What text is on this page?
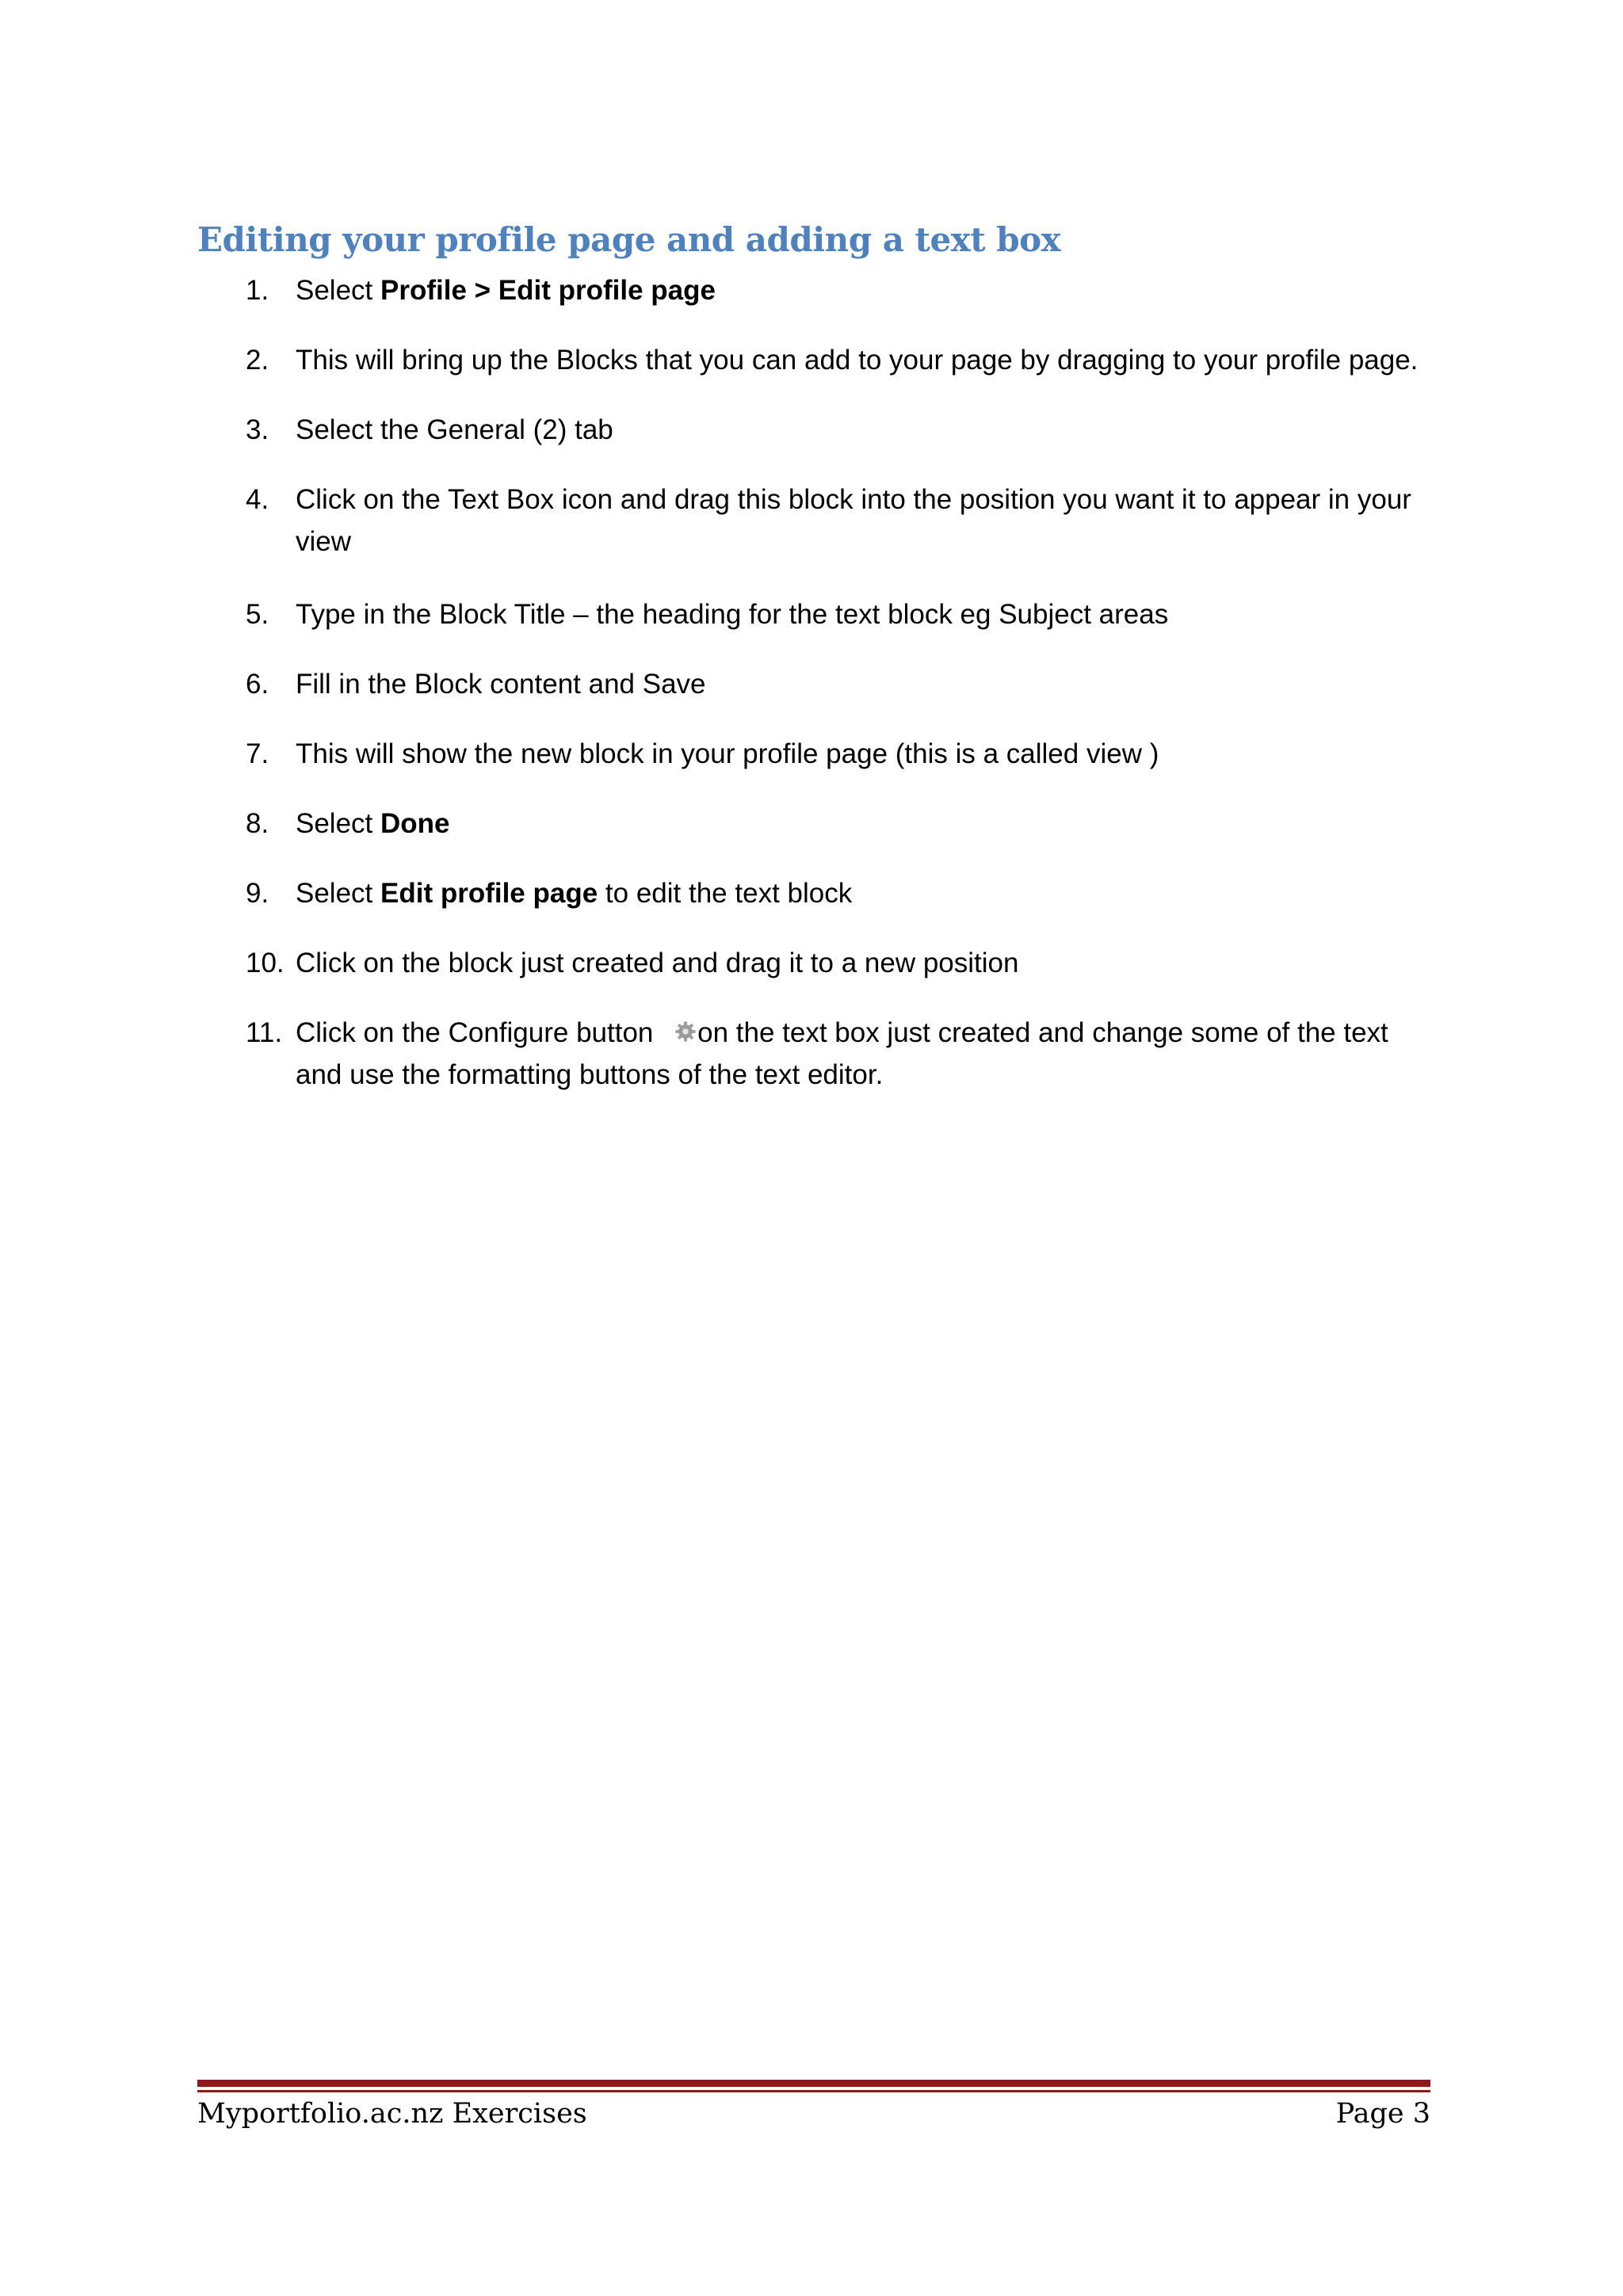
Editing your profile page and adding a text box
1. Select Profile > Edit profile page
2. This will bring up the Blocks that you can add to your page by dragging to your profile page.
3. Select the General (2) tab
4. Click on the Text Box icon and drag this block into the position you want it to appear in your view
5. Type in the Block Title – the heading for the text block eg Subject areas
6. Fill in the Block content and Save
7. This will show the new block in your profile page (this is a called view )
8. Select Done
9. Select Edit profile page to edit the text block
10. Click on the block just created and drag it to a new position
11. Click on the Configure button on the text box just created and change some of the text and use the formatting buttons of the text editor.
Myportfolio.ac.nz Exercises	Page 3
